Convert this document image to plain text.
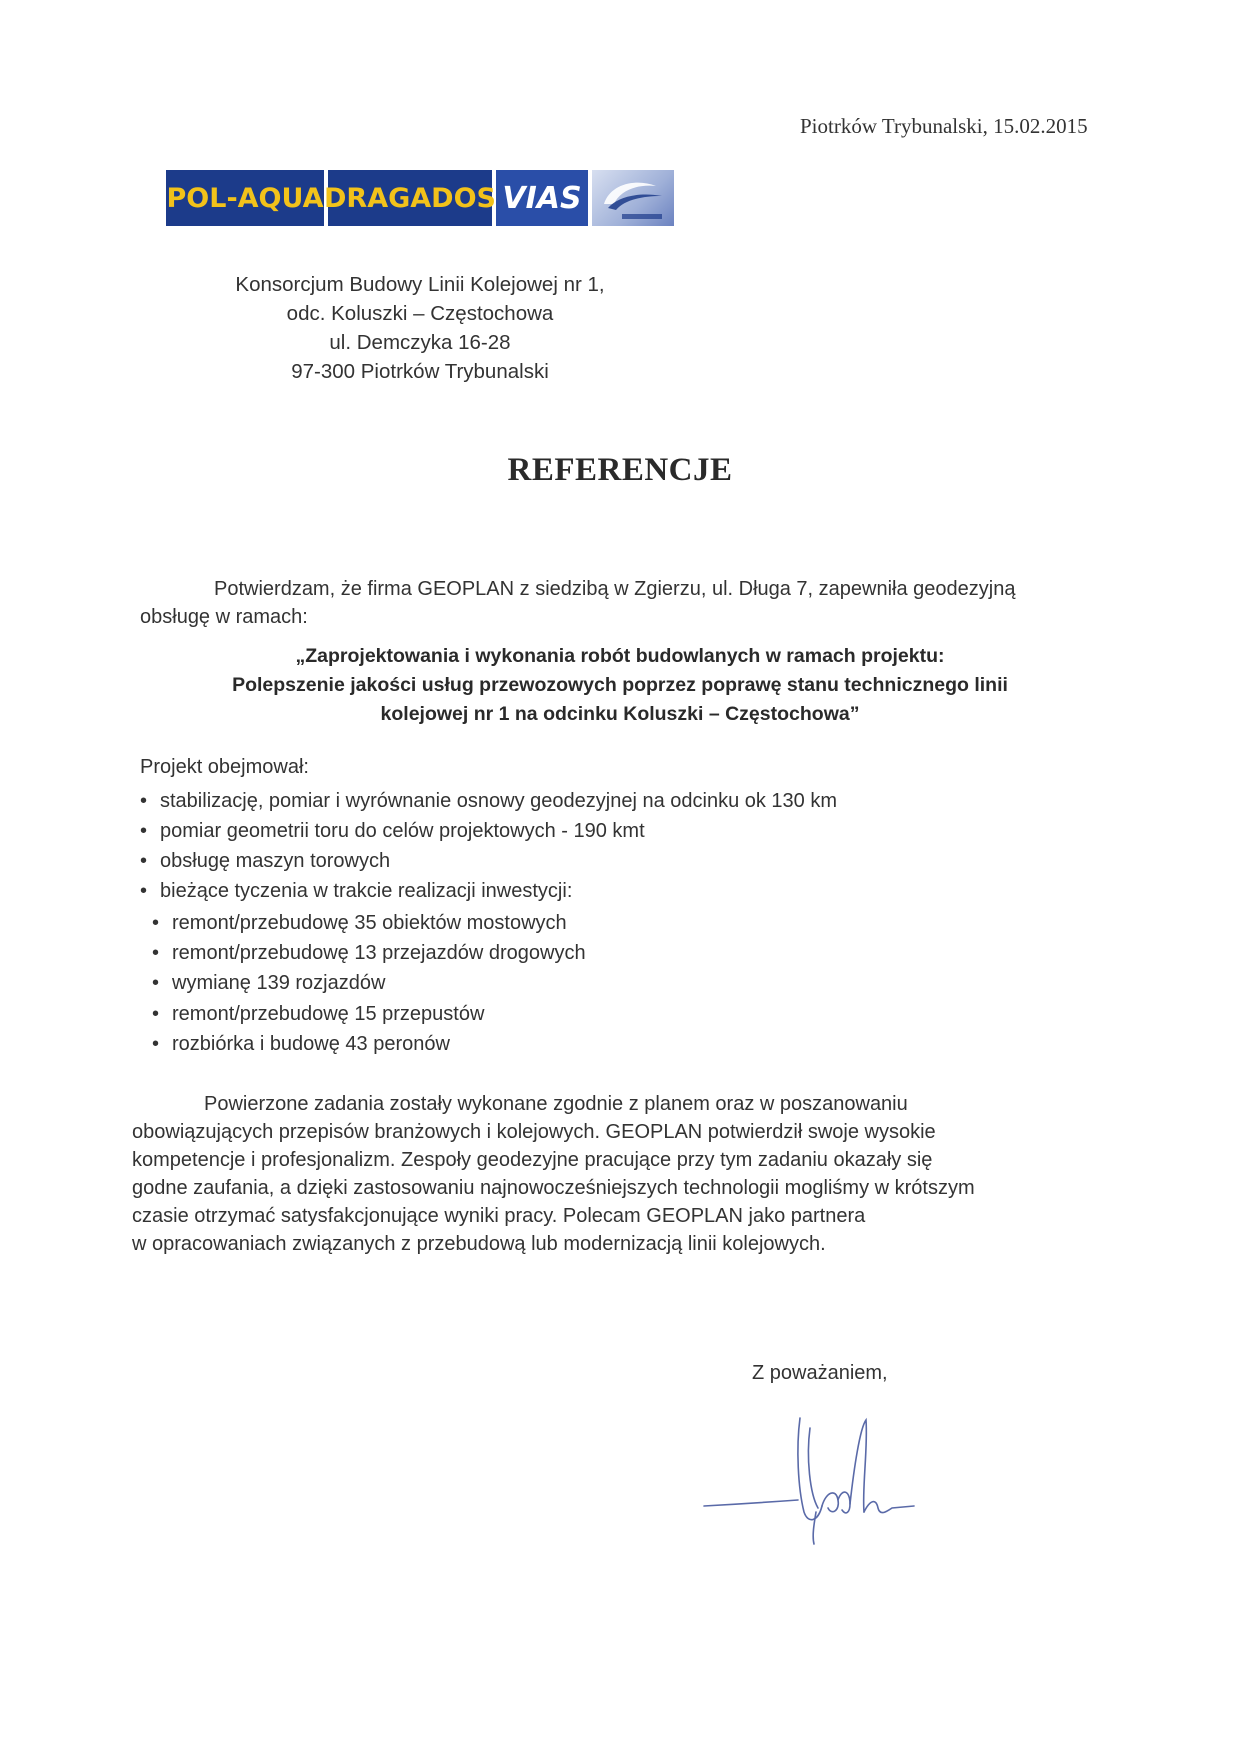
Piotrków Trybunalski, 15.02.2015
POL-AQUA DRAGADOS VIAS
Konsorcjum Budowy Linii Kolejowej nr 1,
odc. Koluszki – Częstochowa
ul. Demczyka 16-28
97-300 Piotrków Trybunalski
REFERENCJE
Potwierdzam, że firma GEOPLAN z siedzibą w Zgierzu, ul. Długa 7, zapewniła geodezyjną
obsługę w ramach:
„Zaprojektowania i wykonania robót budowlanych w ramach projektu:
Polepszenie jakości usług przewozowych poprzez poprawę stanu technicznego linii
kolejowej nr 1 na odcinku Koluszki – Częstochowa”
Projekt obejmował:
• stabilizację, pomiar i wyrównanie osnowy geodezyjnej na odcinku ok 130 km
• pomiar geometrii toru do celów projektowych - 190 kmt
• obsługę maszyn torowych
• bieżące tyczenia w trakcie realizacji inwestycji:
• remont/przebudowę 35 obiektów mostowych
• remont/przebudowę 13 przejazdów drogowych
• wymianę 139 rozjazdów
• remont/przebudowę 15 przepustów
• rozbiórka i budowę 43 peronów
Powierzone zadania zostały wykonane zgodnie z planem oraz w poszanowaniu
obowiązujących przepisów branżowych i kolejowych. GEOPLAN potwierdził swoje wysokie
kompetencje i profesjonalizm. Zespoły geodezyjne pracujące przy tym zadaniu okazały się
godne zaufania, a dzięki zastosowaniu najnowocześniejszych technologii mogliśmy w krótszym
czasie otrzymać satysfakcjonujące wyniki pracy. Polecam GEOPLAN jako partnera
w opracowaniach związanych z przebudową lub modernizacją linii kolejowych.
Z poważaniem,
